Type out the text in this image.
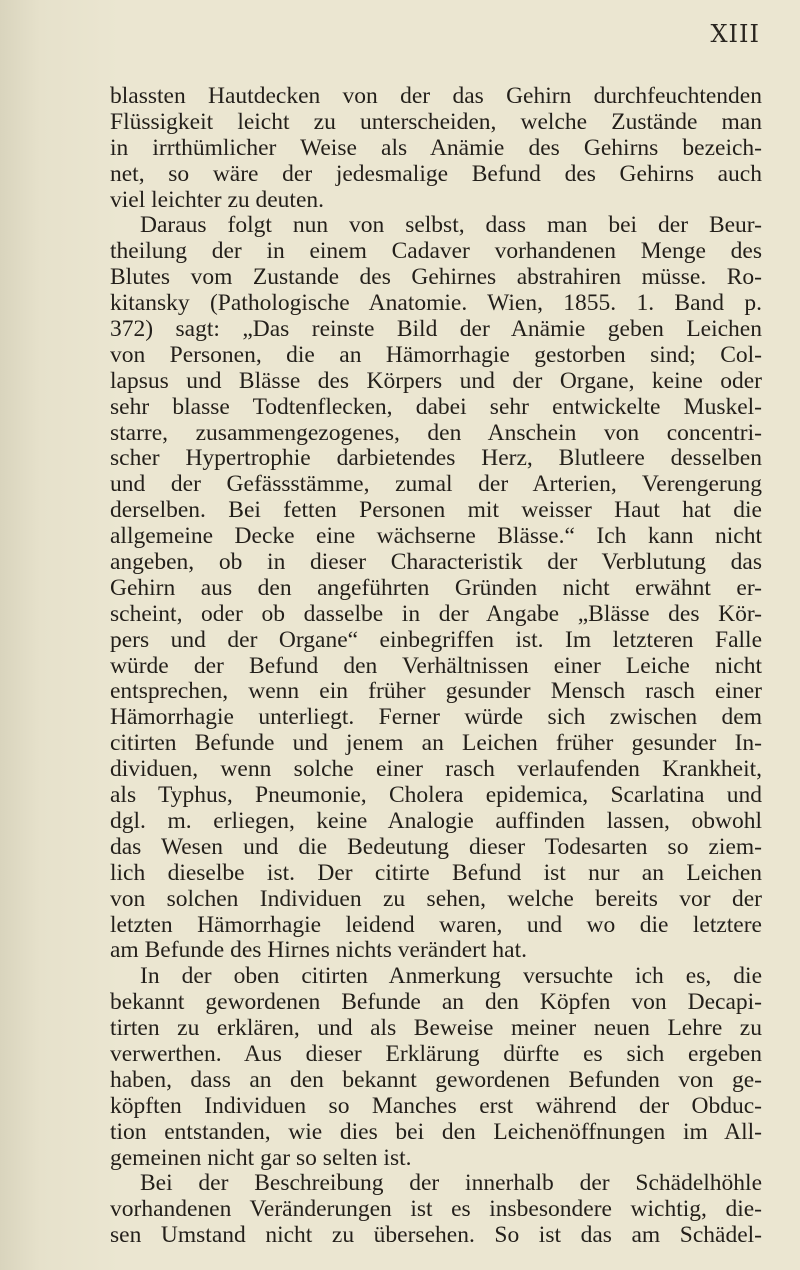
XIII
blassten Hautdecken von der das Gehirn durchfeuchtenden
Flüssigkeit leicht zu unterscheiden, welche Zustände man
in irrthümlicher Weise als Anämie des Gehirns bezeich-
net, so wäre der jedesmalige Befund des Gehirns auch
viel leichter zu deuten.
Daraus folgt nun von selbst, dass man bei der Beur-
theilung der in einem Cadaver vorhandenen Menge des
Blutes vom Zustande des Gehirnes abstrahiren müsse. Ro-
kitansky (Pathologische Anatomie. Wien, 1855. 1. Band p.
372) sagt: „Das reinste Bild der Anämie geben Leichen
von Personen, die an Hämorrhagie gestorben sind; Col-
lapsus und Blässe des Körpers und der Organe, keine oder
sehr blasse Todtenflecken, dabei sehr entwickelte Muskel-
starre, zusammengezogenes, den Anschein von concentri-
scher Hypertrophie darbietendes Herz, Blutleere desselben
und der Gefässstämme, zumal der Arterien, Verengerung
derselben. Bei fetten Personen mit weisser Haut hat die
allgemeine Decke eine wächserne Blässe.“ Ich kann nicht
angeben, ob in dieser Characteristik der Verblutung das
Gehirn aus den angeführten Gründen nicht erwähnt er-
scheint, oder ob dasselbe in der Angabe „Blässe des Kör-
pers und der Organe“ einbegriffen ist. Im letzteren Falle
würde der Befund den Verhältnissen einer Leiche nicht
entsprechen, wenn ein früher gesunder Mensch rasch einer
Hämorrhagie unterliegt. Ferner würde sich zwischen dem
citirten Befunde und jenem an Leichen früher gesunder In-
dividuen, wenn solche einer rasch verlaufenden Krankheit,
als Typhus, Pneumonie, Cholera epidemica, Scarlatina und
dgl. m. erliegen, keine Analogie auffinden lassen, obwohl
das Wesen und die Bedeutung dieser Todesarten so ziem-
lich dieselbe ist. Der citirte Befund ist nur an Leichen
von solchen Individuen zu sehen, welche bereits vor der
letzten Hämorrhagie leidend waren, und wo die letztere
am Befunde des Hirnes nichts verändert hat.
In der oben citirten Anmerkung versuchte ich es, die
bekannt gewordenen Befunde an den Köpfen von Decapi-
tirten zu erklären, und als Beweise meiner neuen Lehre zu
verwerthen. Aus dieser Erklärung dürfte es sich ergeben
haben, dass an den bekannt gewordenen Befunden von ge-
köpften Individuen so Manches erst während der Obduc-
tion entstanden, wie dies bei den Leichenöffnungen im All-
gemeinen nicht gar so selten ist.
Bei der Beschreibung der innerhalb der Schädelhöhle
vorhandenen Veränderungen ist es insbesondere wichtig, die-
sen Umstand nicht zu übersehen. So ist das am Schädel-
